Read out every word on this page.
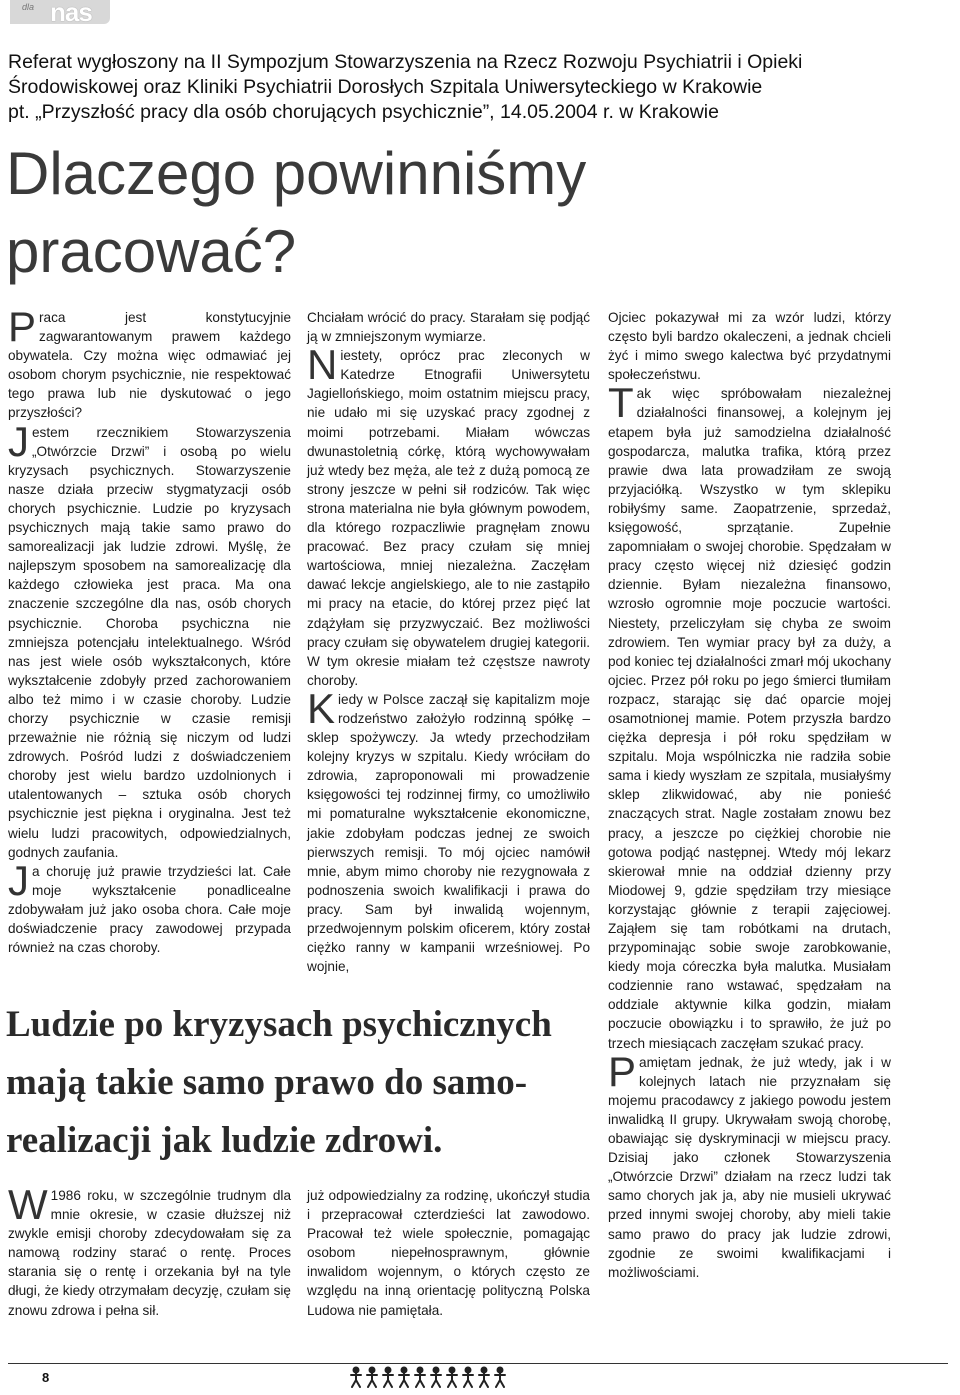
dla nas

Referat wygłoszony na II Sympozjum Stowarzyszenia na Rzecz Rozwoju Psychiatrii i Opieki

Środowiskowej oraz Kliniki Psychiatrii Dorosłych Szpitala Uniwersyteckiego w Krakowie

pt. „Przyszłość pracy dla osób chorujących psychicznie”, 14.05.2004 r. w Krakowie

Dlaczego powinniśmy
pracować?

Praca jest konstytucyjnie zagwarantowanym prawem każdego obywatela. Czy można więc odmawiać jej osobom chorym psychicznie, nie respektować tego prawa lub nie dyskutować o jego przyszłości?

Jestem rzecznikiem Stowarzyszenia „Otwórzcie Drzwi” i osobą po wielu kryzysach psychicznych. Stowarzyszenie nasze działa przeciw stygmatyzacji osób chorych psychicznie. Ludzie po kryzysach psychicznych mają takie samo prawo do samorealizacji jak ludzie zdrowi. Myślę, że najlepszym sposobem na samorealizację dla każdego człowieka jest praca. Ma ona znaczenie szczególne dla nas, osób chorych psychicznie. Choroba psychiczna nie zmniejsza potencjału intelektualnego. Wśród nas jest wiele osób wykształconych, które wykształcenie zdobyły przed zachorowaniem albo też mimo i w czasie choroby. Ludzie chorzy psychicznie w czasie remisji przeważnie nie różnią się niczym od ludzi zdrowych. Pośród ludzi z doświadczeniem choroby jest wielu bardzo uzdolnionych i utalentowanych – sztuka osób chorych psychicznie jest piękna i oryginalna. Jest też wielu ludzi pracowitych, odpowiedzialnych, godnych zaufania.

Ja choruję już prawie trzydzieści lat. Całe moje wykształcenie ponadlicealne zdobywałam już jako osoba chora. Całe moje doświadczenie pracy zawodowej przypada również na czas choroby.

Chciałam wrócić do pracy. Starałam się podjąć ją w zmniejszonym wymiarze.

Niestety, oprócz prac zleconych w Katedrze Etnografii Uniwersytetu Jagiellońskiego, moim ostatnim miejscu pracy, nie udało mi się uzyskać pracy zgodnej z moimi potrzebami. Miałam wówczas dwunastoletnią córkę, którą wychowywałam już wtedy bez męża, ale też z dużą pomocą ze strony jeszcze w pełni sił rodziców. Tak więc strona materialna nie była głównym powodem, dla którego rozpaczliwie pragnęłam znowu pracować. Bez pracy czułam się mniej wartościowa, mniej niezależna. Zaczęłam dawać lekcje angielskiego, ale to nie zastąpiło mi pracy na etacie, do której przez pięć lat zdążyłam się przyzwyczaić. Bez możliwości pracy czułam się obywatelem drugiej kategorii. W tym okresie miałam też częstsze nawroty choroby.

Kiedy w Polsce zaczął się kapitalizm moje rodzeństwo założyło rodzinną spółkę – sklep spożywczy. Ja wtedy przechodziłam kolejny kryzys w szpitalu. Kiedy wróciłam do zdrowia, zaproponowali mi prowadzenie księgowości tej rodzinnej firmy, co umożliwiło mi pomaturalne wykształcenie ekonomiczne, jakie zdobyłam podczas jednej ze swoich pierwszych remisji. To mój ojciec namówił mnie, abym mimo choroby nie rezygnowała z podnoszenia swoich kwalifikacji i prawa do pracy. Sam był inwalidą wojennym, przedwojennym polskim oficerem, który został ciężko ranny w kampanii wrześniowej. Po wojnie,

Ojciec pokazywał mi za wzór ludzi, którzy często byli bardzo okaleczeni, a jednak chcieli żyć i mimo swego kalectwa być przydatnymi społeczeństwu.

Tak więc spróbowałam niezależnej działalności finansowej, a kolejnym jej etapem była już samodzielna działalność gospodarcza, malutka trafika, którą przez prawie dwa lata prowadziłam ze swoją przyjaciółką. Wszystko w tym sklepiku robiłyśmy same. Zaopatrzenie, sprzedaż, księgowość, sprzątanie. Zupełnie zapomniałam o swojej chorobie. Spędzałam w pracy często więcej niż dziesięć godzin dziennie. Byłam niezależna finansowo, wzrosło ogromnie moje poczucie wartości. Niestety, przeliczyłam się chyba ze swoim zdrowiem. Ten wymiar pracy był za duży, a pod koniec tej działalności zmarł mój ukochany ojciec. Przez pół roku po jego śmierci tłumiłam rozpacz, starając się dać oparcie mojej osamotnionej mamie. Potem przyszła bardzo ciężka depresja i pół roku spędziłam w szpitalu. Moja wspólniczka nie radziła sobie sama i kiedy wyszłam ze szpitala, musiałyśmy sklep zlikwidować, aby nie ponieść znaczących strat. Nagle zostałam znowu bez pracy, a jeszcze po ciężkiej chorobie nie gotowa podjąć następnej. Wtedy mój lekarz skierował mnie na oddział dzienny przy Miodowej 9, gdzie spędziłam trzy miesiące korzystając głównie z terapii zajęciowej. Zająłem się tam robótkami na drutach, przypominając sobie swoje zarobkowanie, kiedy moja córeczka była malutka. Musiałam codziennie rano wstawać, spędzałam na oddziale aktywnie kilka godzin, miałam poczucie obowiązku i to sprawiło, że już po trzech miesiącach zaczęłam szukać pracy.

Pamiętam jednak, że już wtedy, jak i w kolejnych latach nie przyznałam się mojemu pracodawcy z jakiego powodu jestem inwalidką II grupy. Ukrywałam swoją chorobę, obawiając się dyskryminacji w miejscu pracy. Dzisiaj jako członek Stowarzyszenia „Otwórzcie Drzwi” działam na rzecz ludzi tak samo chorych jak ja, aby nie musieli ukrywać przed innymi swojej choroby, aby mieli takie samo prawo do pracy jak ludzie zdrowi, zgodnie ze swoimi kwalifikacjami i możliwościami.

Ludzie po kryzysach psychicznych
mają takie samo prawo do samo-
realizacji jak ludzie zdrowi.

W 1986 roku, w szczególnie trudnym dla mnie okresie, w czasie dłuższej niż zwykle emisji choroby zdecydowałam się za namową rodziny starać o rentę. Proces starania się o rentę i orzekania był na tyle długi, że kiedy otrzymałam decyzję, czułam się znowu zdrowa i pełna sił.

już odpowiedzialny za rodzinę, ukończył studia i przepracował czterdzieści lat zawodowo. Pracował też wiele społecznie, pomagając osobom niepełnosprawnym, głównie inwalidom wojennym, o których często ze względu na inną orientację polityczną Polska Ludowa nie pamiętała.

8
